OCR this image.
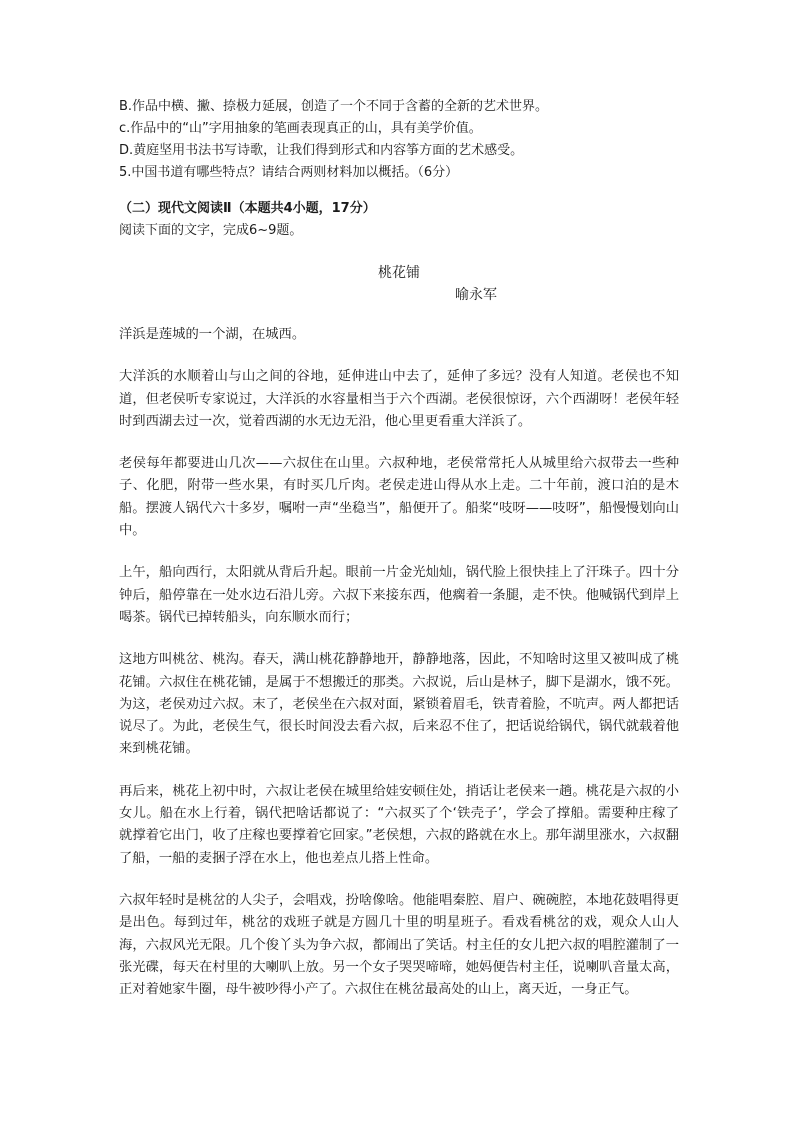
B.作品中横、撇、捺极力延展，创造了一个不同于含蓄的全新的艺术世界。
c.作品中的“山”字用抽象的笔画表现真正的山，具有美学价值。
D.黄庭坚用书法书写诗歌，让我们得到形式和内容筝方面的艺术感受。
5.中国书道有哪些特点？请结合两则材料加以概括。（6分）
（二）现代文阅读Ⅱ（本题共4小题，17分）
阅读下面的文字，完成6~9题。
桃花铺
喻永军
洋浜是莲城的一个湖，在城西。
大洋浜的水顺着山与山之间的谷地，延伸进山中去了，延伸了多远？没有人知道。老侯也不知道，但老侯听专家说过，大洋浜的水容量相当于六个西湖。老侯很惊讶，六个西湖呀！老侯年轻时到西湖去过一次，觉着西湖的水无边无沿，他心里更看重大洋浜了。
老侯每年都要进山几次——六叔住在山里。六叔种地，老侯常常托人从城里给六叔带去一些种子、化肥，附带一些水果，有时买几斤肉。老侯走进山得从水上走。二十年前，渡口泊的是木船。摆渡人锅代六十多岁，嘱咐一声“坐稳当”，船便开了。船桨“吱呀——吱呀”，船慢慢划向山中。
上午，船向西行，太阳就从背后升起。眼前一片金光灿灿，锅代脸上很快挂上了汗珠子。四十分钟后，船停靠在一处水边石沿儿旁。六叔下来接东西，他瘸着一条腿，走不快。他喊锅代到岸上喝茶。锅代已掉转船头，向东顺水而行；
这地方叫桃岔、桃沟。春天，满山桃花静静地开，静静地落，因此，不知啥时这里又被叫成了桃花铺。六叔住在桃花铺，是属于不想搬迁的那类。六叔说，后山是林子，脚下是湖水，饿不死。为这，老侯劝过六叔。末了，老侯坐在六叔对面，紧锁着眉毛，铁青着脸，不吭声。两人都把话说尽了。为此，老侯生气，很长时间没去看六叔，后来忍不住了，把话说给锅代，锅代就载着他来到桃花铺。
再后来，桃花上初中时，六叔让老侯在城里给娃安顿住处，捎话让老侯来一趟。桃花是六叔的小女儿。船在水上行着，锅代把啥话都说了：“六叔买了个‘铁壳子’，学会了撑船。需要种庄稼了就撑着它出门，收了庄稼也要撑着它回家。”老侯想，六叔的路就在水上。那年湖里涨水，六叔翻了船，一船的麦捆子浮在水上，他也差点儿搭上性命。
六叔年轻时是桃岔的人尖子，会唱戏，扮啥像啥。他能唱秦腔、眉户、碗碗腔，本地花鼓唱得更是出色。每到过年，桃岔的戏班子就是方圆几十里的明星班子。看戏看桃岔的戏，观众人山人海，六叔风光无限。几个俊丫头为争六叔，都闹出了笑话。村主任的女儿把六叔的唱腔灌制了一张光碟，每天在村里的大喇叭上放。另一个女子哭哭啼啼，她妈便告村主任，说喇叭音量太高，正对着她家牛圈，母牛被吵得小产了。六叔住在桃岔最高处的山上，离天近，一身正气。
